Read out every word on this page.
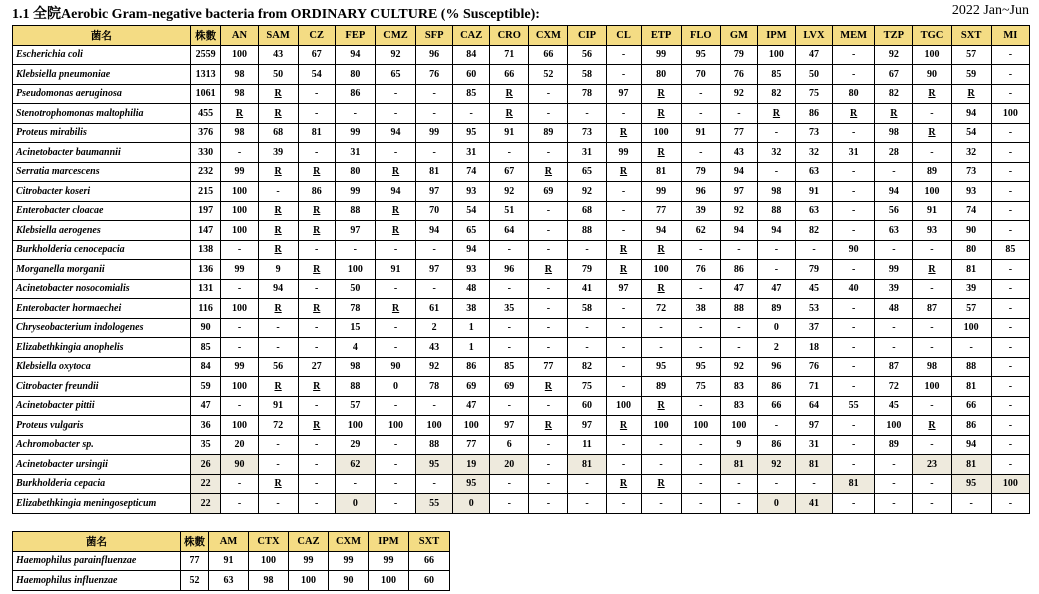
1.1 全院Aerobic Gram-negative bacteria from ORDINARY CULTURE (% Susceptible):	2022 Jan~Jun
菌名	株數	AN	SAM	CZ	FEP	CMZ	SFP	CAZ	CRO	CXM	CIP	CL	ETP	FLO	GM	IPM	LVX	MEM	TZP	TGC	SXT	MI
Escherichia coli	2559	100	43	67	94	92	96	84	71	66	56	-	99	95	79	100	47	-	92	100	57	-
Klebsiella pneumoniae	1313	98	50	54	80	65	76	60	66	52	58	-	80	70	76	85	50	-	67	90	59	-
Pseudomonas aeruginosa	1061	98	R	-	86	-	-	85	R	-	78	97	R	-	92	82	75	80	82	R	R	-
Stenotrophomonas maltophilia	455	R	R	-	-	-	-	-	R	-	-	-	R	-	-	R	86	R	R	-	94	100
Proteus mirabilis	376	98	68	81	99	94	99	95	91	89	73	R	100	91	77	-	73	-	98	R	54	-
Acinetobacter baumannii	330	-	39	-	31	-	-	31	-	-	31	99	R	-	43	32	32	31	28	-	32	-
Serratia marcescens	232	99	R	R	80	R	81	74	67	R	65	R	81	79	94	-	63	-	-	89	73	-
Citrobacter koseri	215	100	-	86	99	94	97	93	92	69	92	-	99	96	97	98	91	-	94	100	93	-
Enterobacter cloacae	197	100	R	R	88	R	70	54	51	-	68	-	77	39	92	88	63	-	56	91	74	-
Klebsiella aerogenes	147	100	R	R	97	R	94	65	64	-	88	-	94	62	94	94	82	-	63	93	90	-
Burkholderia cenocepacia	138	-	R	-	-	-	-	94	-	-	-	R	R	-	-	-	-	90	-	-	80	85
Morganella morganii	136	99	9	R	100	91	97	93	96	R	79	R	100	76	86	-	79	-	99	R	81	-
Acinetobacter nosocomialis	131	-	94	-	50	-	-	48	-	-	41	97	R	-	47	47	45	40	39	-	39	-
Enterobacter hormaechei	116	100	R	R	78	R	61	38	35	-	58	-	72	38	88	89	53	-	48	87	57	-
Chryseobacterium indologenes	90	-	-	-	15	-	2	1	-	-	-	-	-	-	-	0	37	-	-	-	100	-
Elizabethkingia anophelis	85	-	-	-	4	-	43	1	-	-	-	-	-	-	-	2	18	-	-	-	-	-
Klebsiella oxytoca	84	99	56	27	98	90	92	86	85	77	82	-	95	95	92	96	76	-	87	98	88	-
Citrobacter freundii	59	100	R	R	88	0	78	69	69	R	75	-	89	75	83	86	71	-	72	100	81	-
Acinetobacter pittii	47	-	91	-	57	-	-	47	-	-	60	100	R	-	83	66	64	55	45	-	66	-
Proteus vulgaris	36	100	72	R	100	100	100	100	97	R	97	R	100	100	100	-	97	-	100	R	86	-
Achromobacter sp.	35	20	-	-	29	-	88	77	6	-	11	-	-	-	9	86	31	-	89	-	94	-
Acinetobacter ursingii	26	90	-	-	62	-	95	19	20	-	81	-	-	-	81	92	81	-	-	23	81	-
Burkholderia cepacia	22	-	R	-	-	-	-	95	-	-	-	R	R	-	-	-	-	81	-	-	95	100
Elizabethkingia meningosepticum	22	-	-	-	0	-	55	0	-	-	-	-	-	-	-	0	41	-	-	-	-	-
菌名	株數	AM	CTX	CAZ	CXM	IPM	SXT
Haemophilus parainfluenzae	77	91	100	99	99	99	66
Haemophilus influenzae	52	63	98	100	90	100	60
